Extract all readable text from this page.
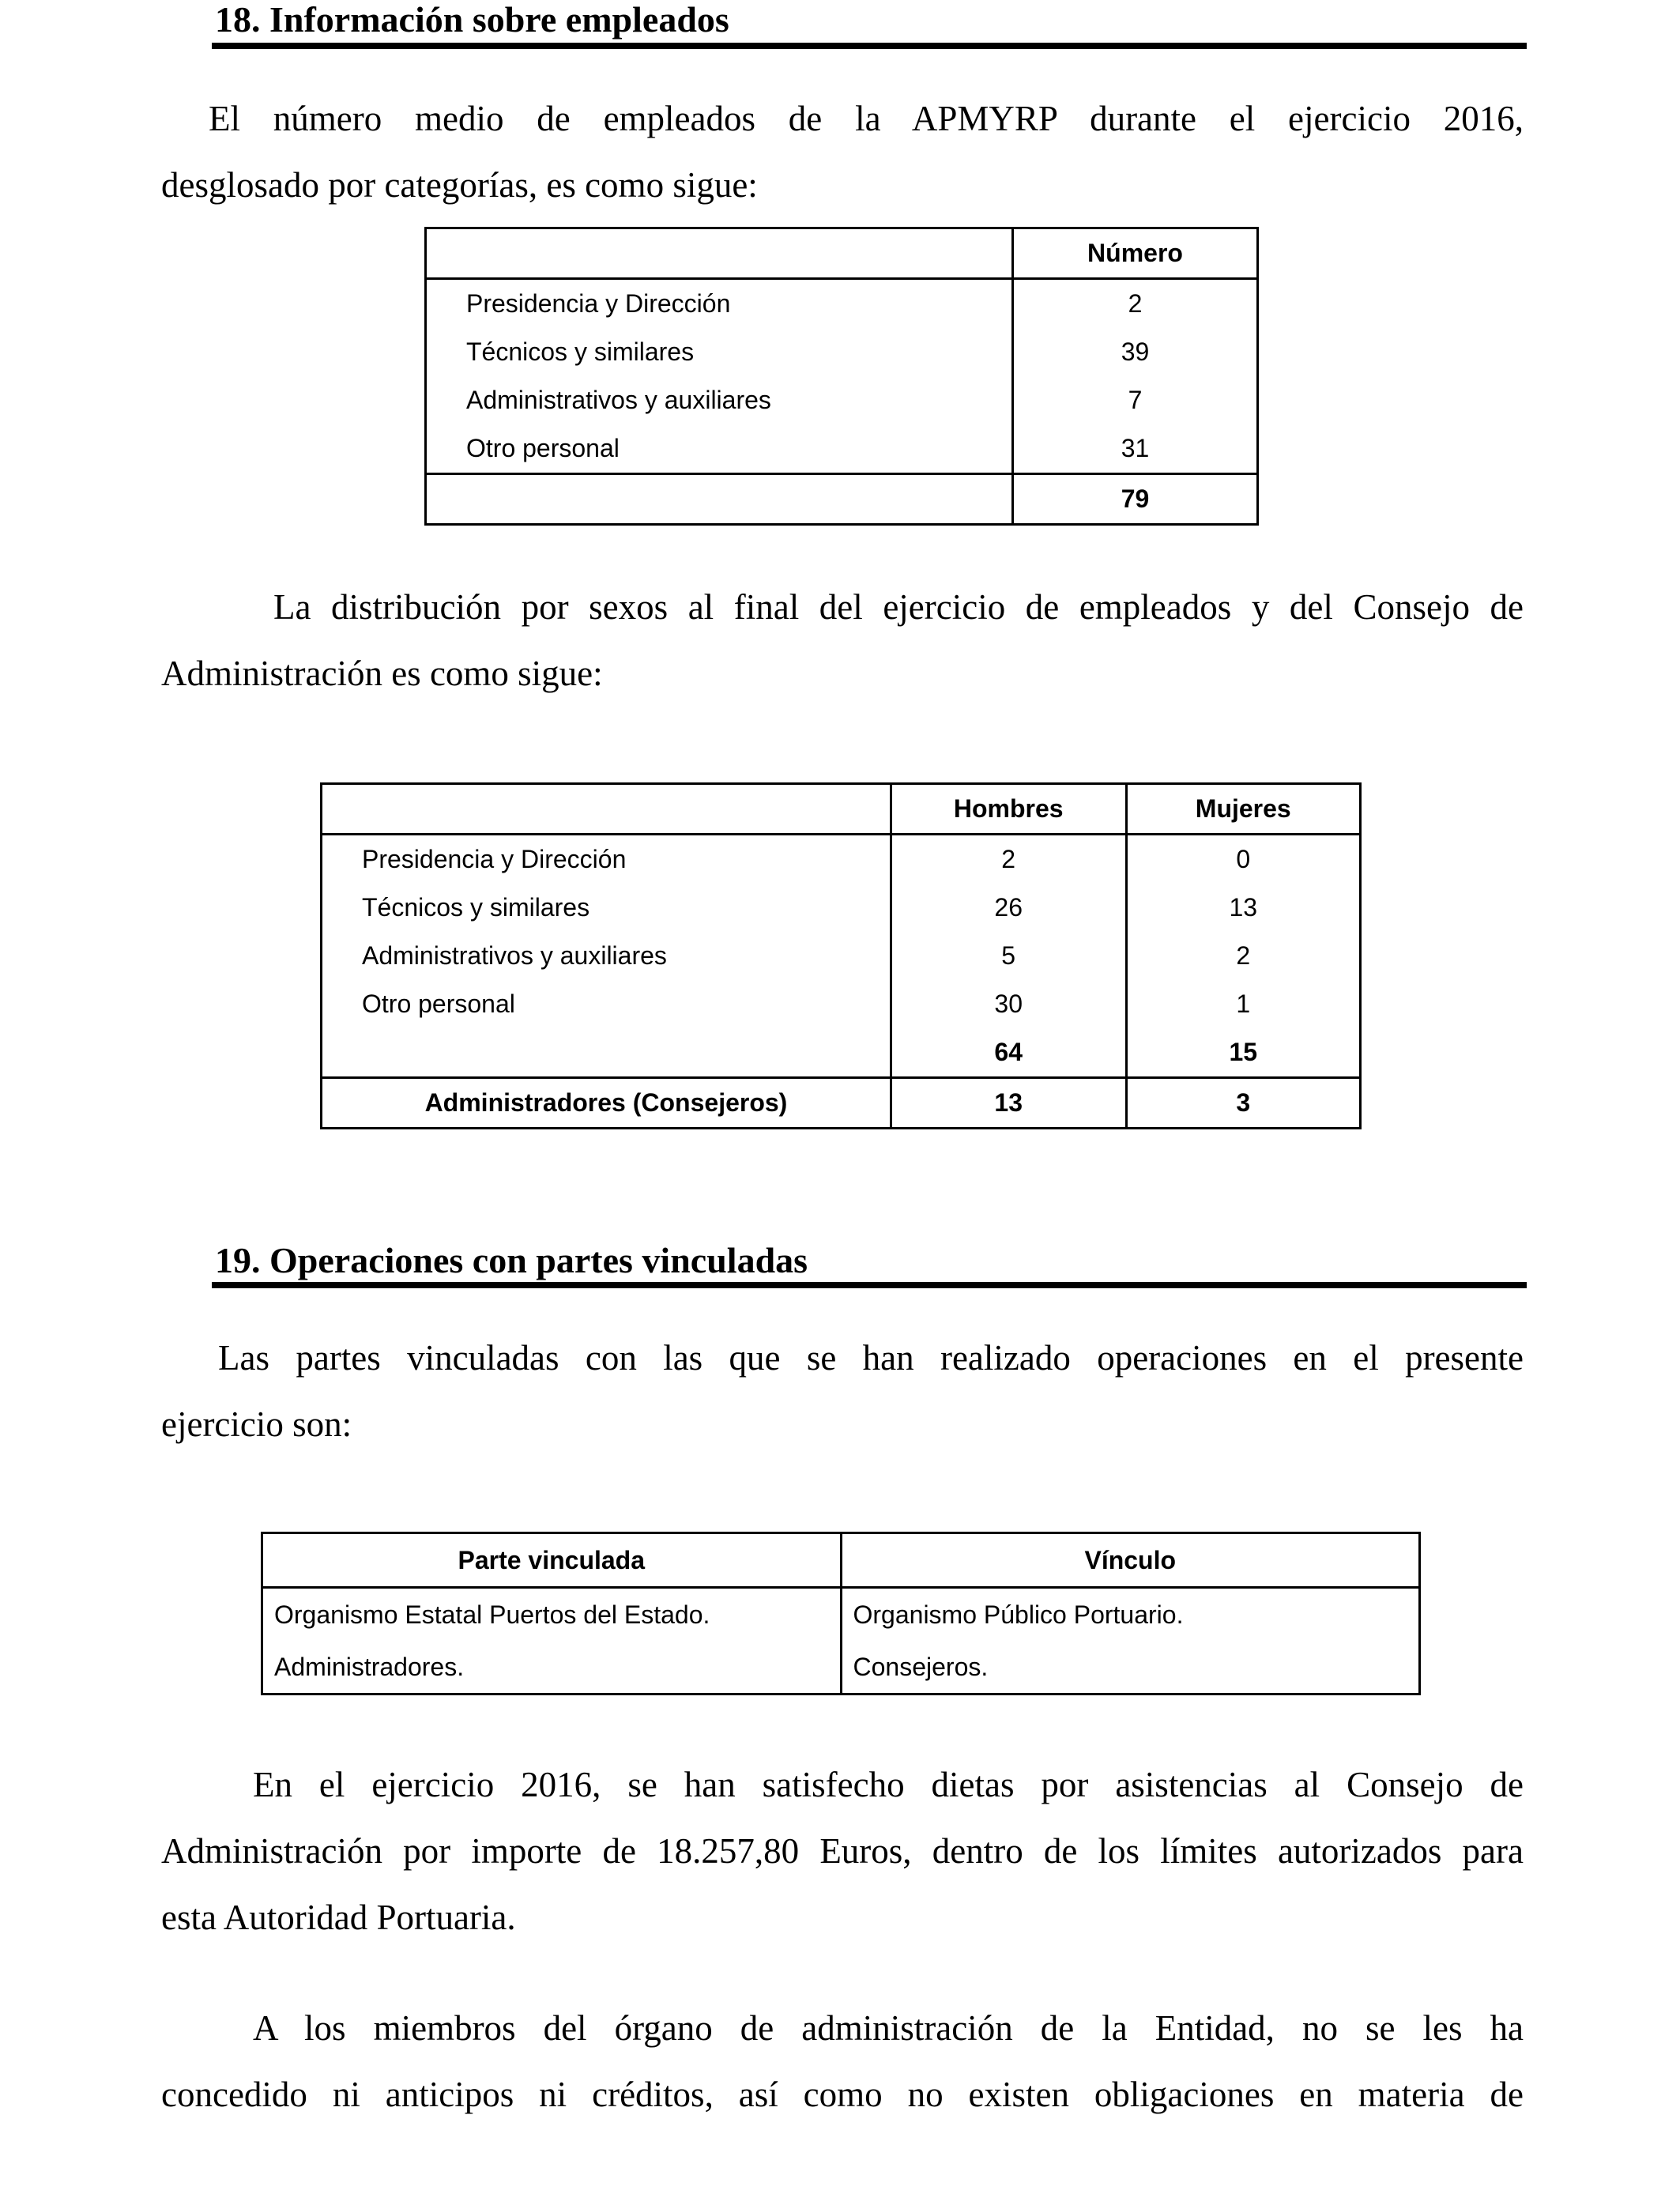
18. Información sobre empleados
El número medio de empleados de la APMYRP durante el ejercicio 2016,
desglosado por categorías, es como sigue:
	Número
Presidencia y Dirección	2
Técnicos y similares	39
Administrativos y auxiliares	7
Otro personal	31
	79
La distribución por sexos al final del ejercicio de empleados y del Consejo de
Administración es como sigue:
	Hombres	Mujeres
Presidencia y Dirección	2	0
Técnicos y similares	26	13
Administrativos y auxiliares	5	2
Otro personal	30	1
	64	15
Administradores (Consejeros)	13	3
19. Operaciones con partes vinculadas
Las partes vinculadas con las que se han realizado operaciones en el presente
ejercicio son:
Parte vinculada	Vínculo
Organismo Estatal Puertos del Estado.	Organismo Público Portuario.
Administradores.	Consejeros.
En el ejercicio 2016, se han satisfecho dietas por asistencias al Consejo de
Administración por importe de 18.257,80 Euros, dentro de los límites autorizados para
esta Autoridad Portuaria.
A los miembros del órgano de administración de la Entidad, no se les ha
concedido ni anticipos ni créditos, así como no existen obligaciones en materia de
